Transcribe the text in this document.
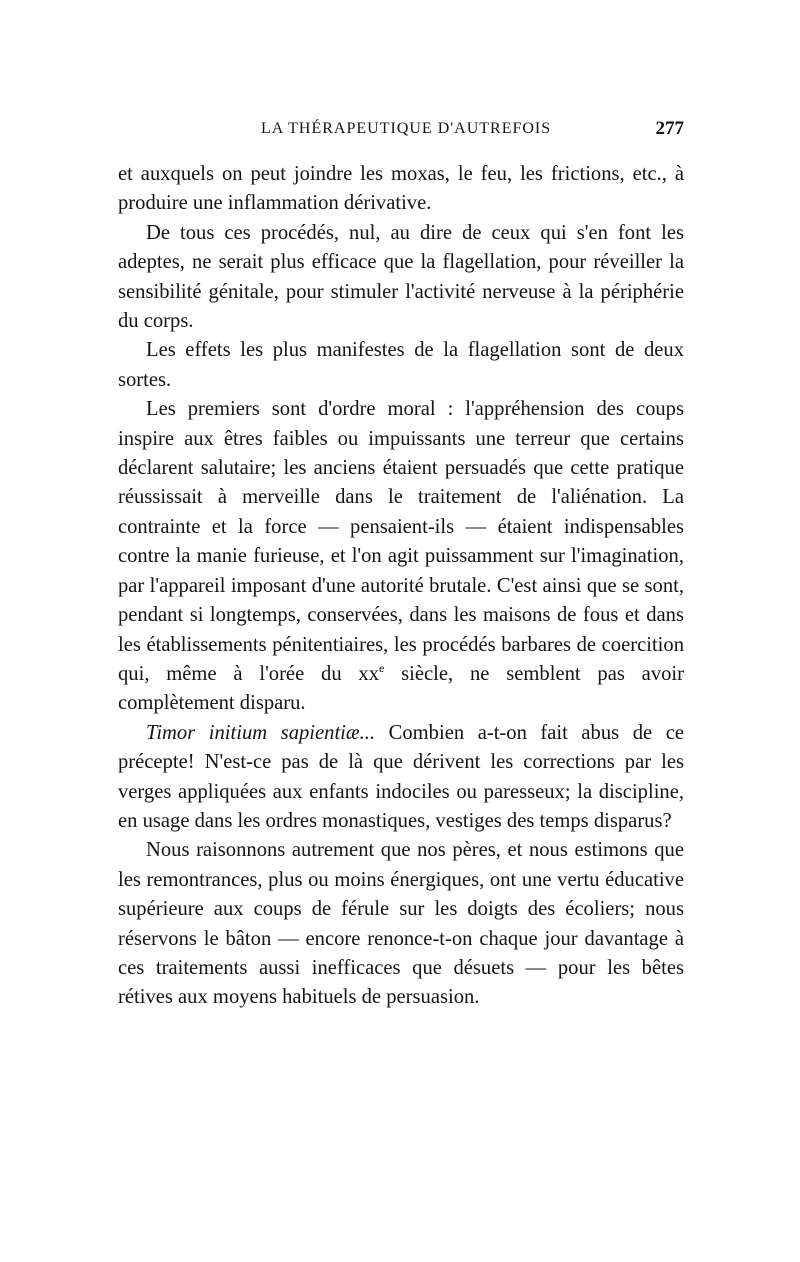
LA THÉRAPEUTIQUE D'AUTREFOIS	277

et auxquels on peut joindre les moxas, le feu, les frictions, etc., à produire une inflammation dérivative.

De tous ces procédés, nul, au dire de ceux qui s'en font les adeptes, ne serait plus efficace que la flagellation, pour réveiller la sensibilité génitale, pour stimuler l'activité nerveuse à la périphérie du corps.

Les effets les plus manifestes de la flagellation sont de deux sortes.

Les premiers sont d'ordre moral : l'appréhension des coups inspire aux êtres faibles ou impuissants une terreur que certains déclarent salutaire; les anciens étaient persuadés que cette pratique réussissait à merveille dans le traitement de l'aliénation. La contrainte et la force — pensaient-ils — étaient indispensables contre la manie furieuse, et l'on agit puissamment sur l'imagination, par l'appareil imposant d'une autorité brutale. C'est ainsi que se sont, pendant si longtemps, conservées, dans les maisons de fous et dans les établissements pénitentiaires, les procédés barbares de coercition qui, même à l'orée du $xx^e$ siècle, ne semblent pas avoir complètement disparu.

Timor initium sapientiæ... Combien a-t-on fait abus de ce précepte! N'est-ce pas de là que dérivent les corrections par les verges appliquées aux enfants indociles ou paresseux; la discipline, en usage dans les ordres monastiques, vestiges des temps disparus?

Nous raisonnons autrement que nos pères, et nous estimons que les remontrances, plus ou moins énergiques, ont une vertu éducative supérieure aux coups de férule sur les doigts des écoliers; nous réservons le bâton — encore renonce-t-on chaque jour davantage à ces traitements aussi inefficaces que désuets — pour les bêtes rétives aux moyens habituels de persuasion.
